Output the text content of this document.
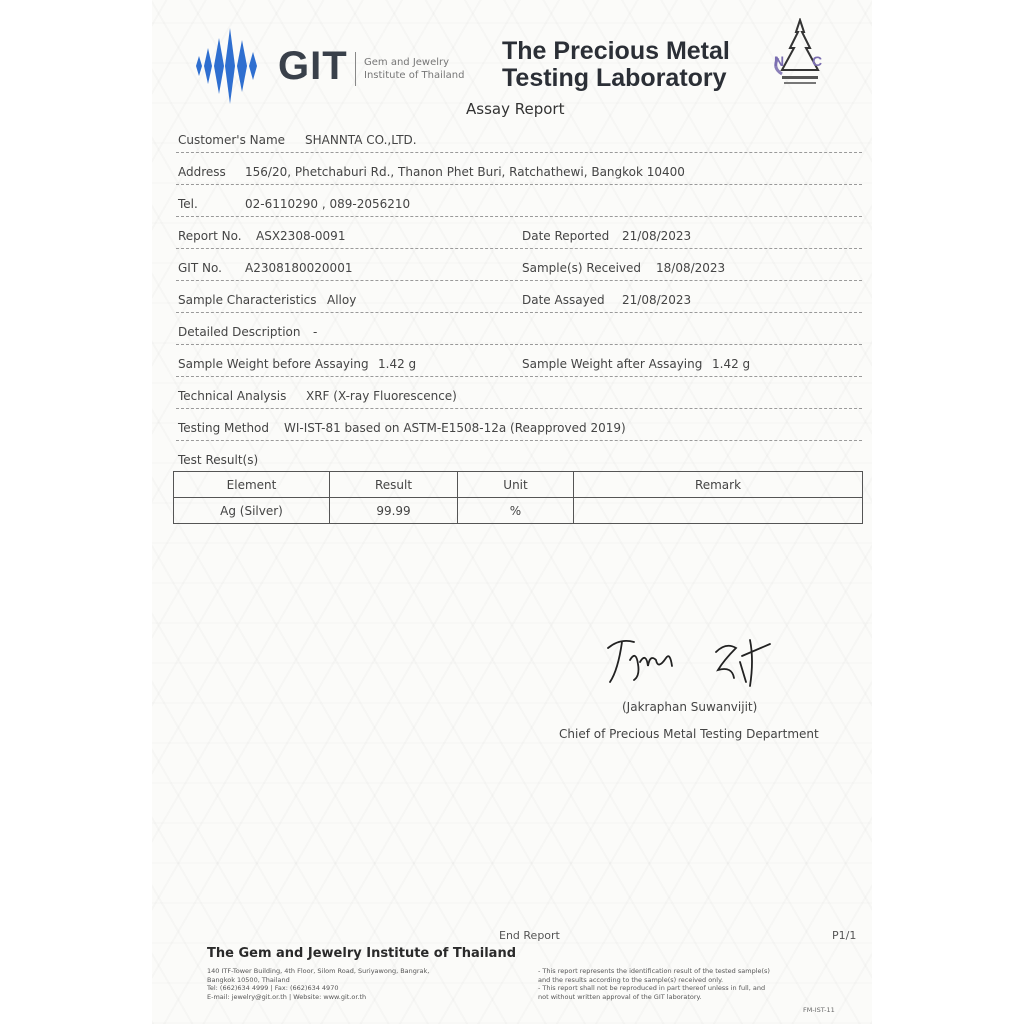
GIT Gem and Jewelry
Institute of Thailand
The Precious Metal
Testing Laboratory
N C
Assay Report
Customer's Name SHANNTA CO.,LTD.
Address 156/20, Phetchaburi Rd., Thanon Phet Buri, Ratchathewi, Bangkok 10400
Tel.	02-6110290 , 089-2056210
Report No. ASX2308-0091	Date Reported 21/08/2023
GIT No. A2308180020001	Sample(s) Received 18/08/2023
Sample Characteristics Alloy	Date Assayed 21/08/2023
Detailed Description -
Sample Weight before Assaying 1.42 g	Sample Weight after Assaying 1.42 g
Technical Analysis XRF (X-ray Fluorescence)
Testing Method WI-IST-81 based on ASTM-E1508-12a (Reapproved 2019)
Test Result(s)
Element	Result	Unit	Remark
Ag (Silver)	99.99	%	
(Jakraphan Suwanvijit)
Chief of Precious Metal Testing Department
End Report	P1/1
The Gem and Jewelry Institute of Thailand
140 ITF-Tower Building, 4th Floor, Silom Road, Suriyawong, Bangrak,
Bangkok 10500, Thailand
Tel: (662)634 4999 | Fax: (662)634 4970
E-mail: jewelry@git.or.th | Website: www.git.or.th
- This report represents the identification result of the tested sample(s)
and the results according to the sample(s) received only.
- This report shall not be reproduced in part thereof unless in full, and
not without written approval of the GIT laboratory.
FM-IST-11
